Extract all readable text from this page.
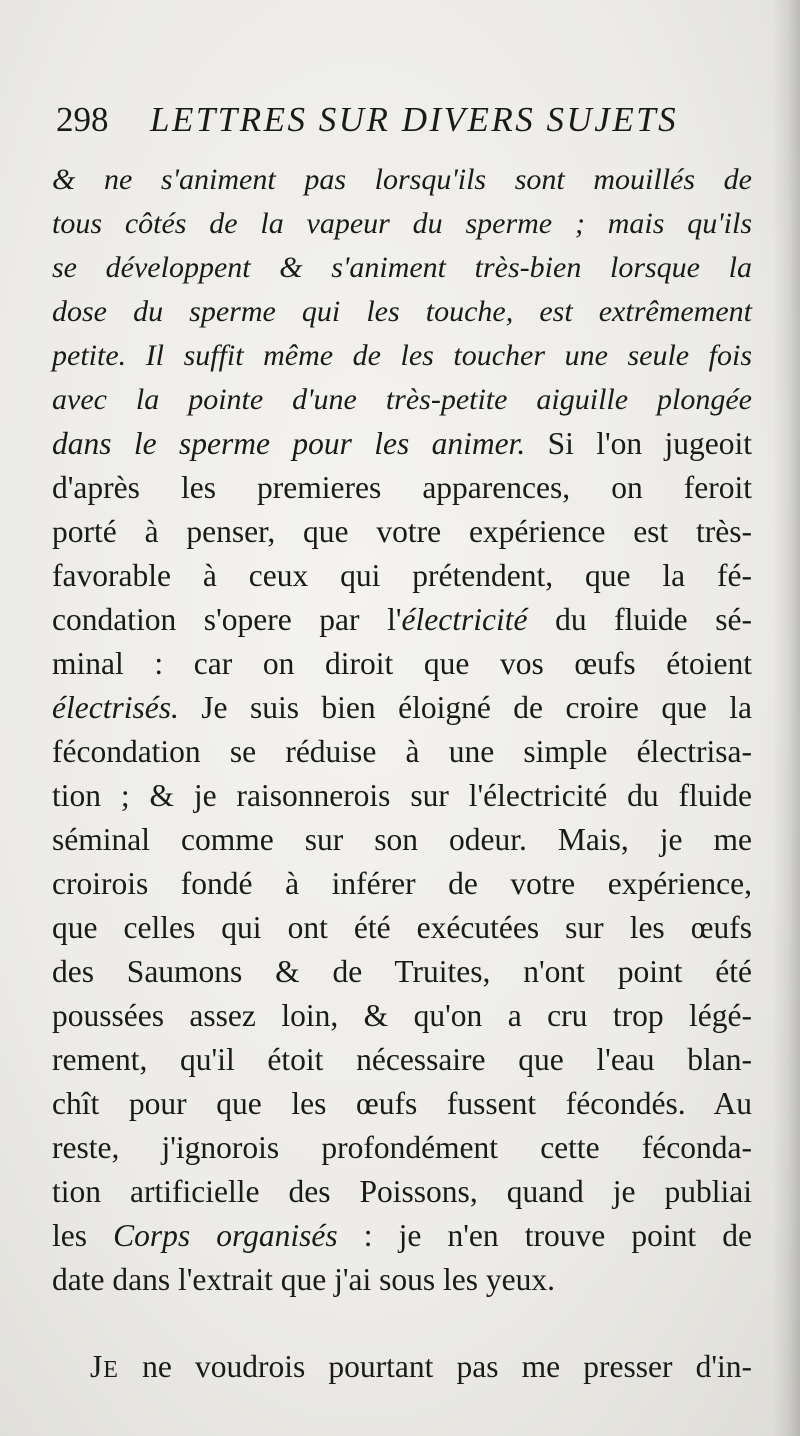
298 LETTRES SUR DIVERS SUJETS
& ne s'animent pas lorsqu'ils sont mouillés de
tous côtés de la vapeur du sperme ; mais qu'ils
se développent & s'animent très-bien lorsque la
dose du sperme qui les touche, est extrêmement
petite. Il suffit même de les toucher une seule fois
avec la pointe d'une très-petite aiguille plongée
dans le sperme pour les animer. Si l'on jugeoit
d'après les premieres apparences, on feroit
porté à penser, que votre expérience est très-
favorable à ceux qui prétendent, que la fé-
condation s'opere par l'électricité du fluide sé-
minal : car on diroit que vos œufs étoient
électrisés. Je suis bien éloigné de croire que la
fécondation se réduise à une simple électrisa-
tion ; & je raisonnerois sur l'électricité du fluide
séminal comme sur son odeur. Mais, je me
croirois fondé à inférer de votre expérience,
que celles qui ont été exécutées sur les œufs
des Saumons & de Truites, n'ont point été
poussées assez loin, & qu'on a cru trop légé-
rement, qu'il étoit nécessaire que l'eau blan-
chît pour que les œufs fussent fécondés. Au
reste, j'ignorois profondément cette féconda-
tion artificielle des Poissons, quand je publiai
les Corps organisés : je n'en trouve point de
date dans l'extrait que j'ai sous les yeux.
JE ne voudrois pourtant pas me presser d'in-
